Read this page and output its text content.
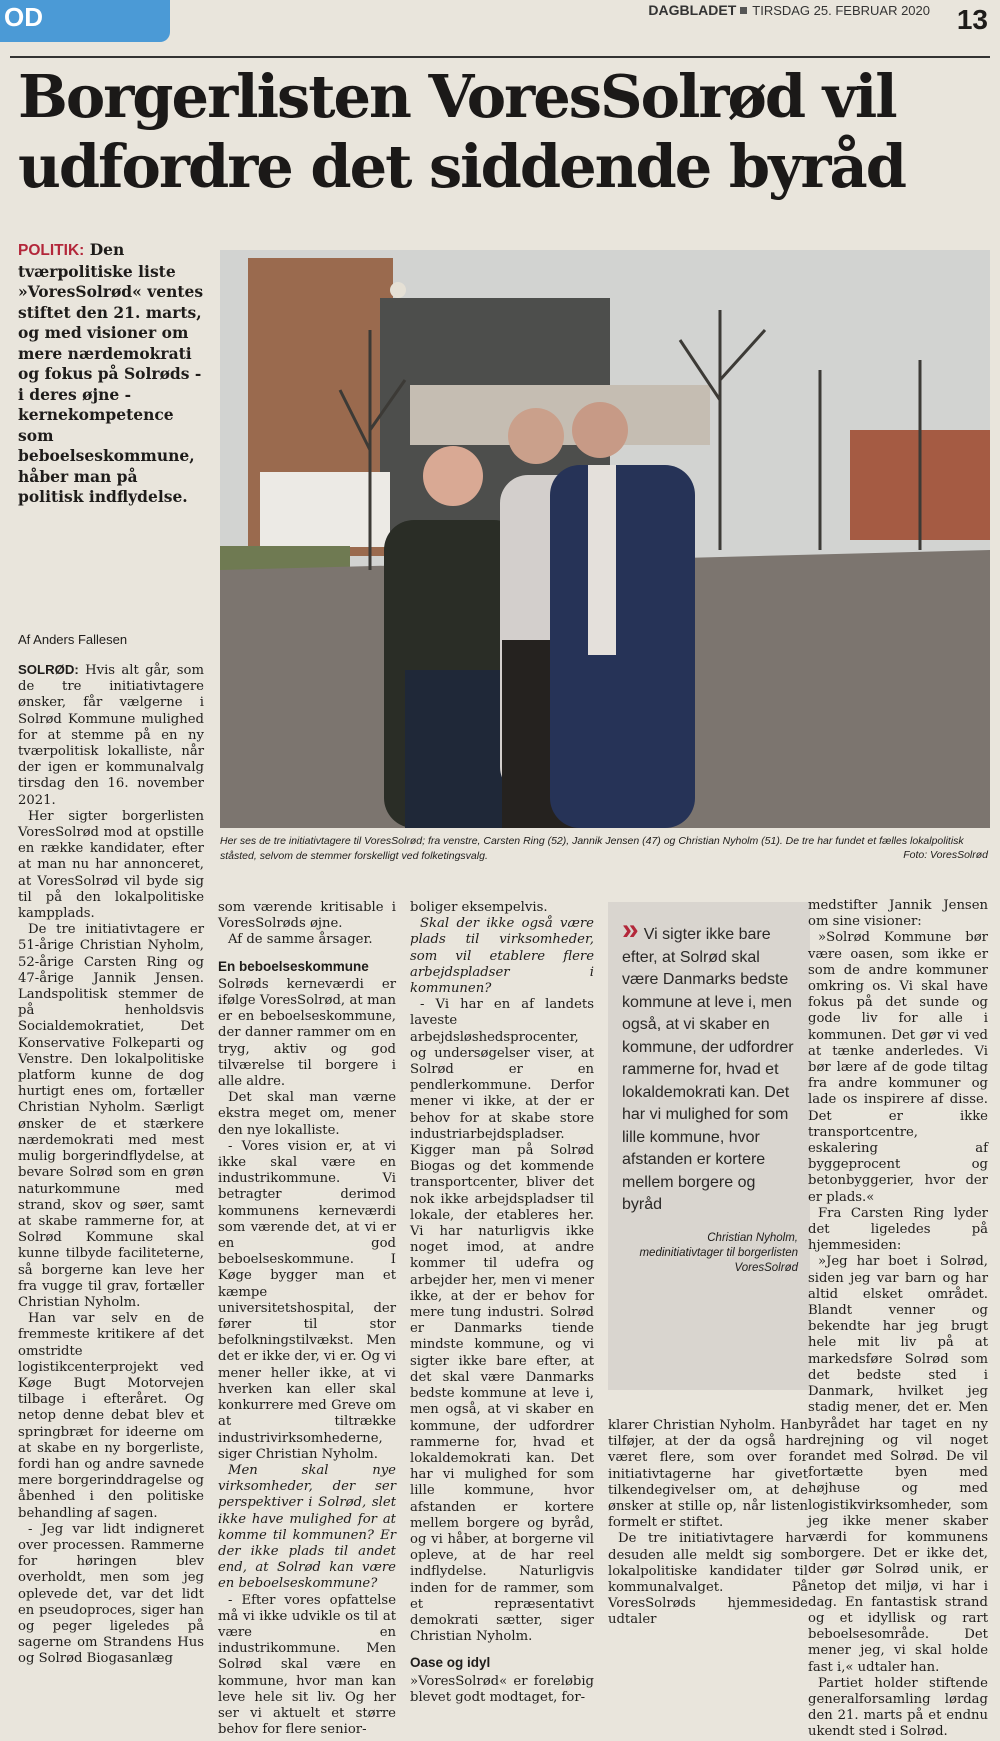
OD	DAGBLADET TIRSDAG 25. FEBRUAR 2020 13
Borgerlisten VoresSolrød vil udfordre det siddende byråd
POLITIK: Den tværpolitiske liste »VoresSolrød« ventes stiftet den 21. marts, og med visioner om mere nærdemokrati og fokus på Solrøds - i deres øjne - kernekompetence som beboelseskommune, håber man på politisk indflydelse.
Af Anders Fallesen
Her ses de tre initiativtagere til VoresSolrød; fra venstre, Carsten Ring (52), Jannik Jensen (47) og Christian Nyholm (51). De tre har fundet et fælles lokalpolitisk ståsted, selvom de stemmer forskelligt ved folketingsvalg.	Foto: VoresSolrød

SOLRØD: Hvis alt går, som de tre initiativtagere ønsker, får vælgerne i Solrød Kommune mulighed for at stemme på en ny tværpolitisk lokalliste, når der igen er kommunalvalg tirsdag den 16. november 2021.

Her sigter borgerlisten VoresSolrød mod at opstille en række kandidater, efter at man nu har annonceret, at VoresSolrød vil byde sig til på den lokalpolitiske kampplads.

De tre initiativtagere er 51-årige Christian Nyholm, 52-årige Carsten Ring og 47-årige Jannik Jensen. Landspolitisk stemmer de på henholdsvis Socialdemokratiet, Det Konservative Folkeparti og Venstre. Den lokalpolitiske platform kunne de dog hurtigt enes om, fortæller Christian Nyholm. Særligt ønsker de et stærkere nærdemokrati med mest mulig borgerindflydelse, at bevare Solrød som en grøn naturkommune med strand, skov og søer, samt at skabe rammerne for, at Solrød Kommune skal kunne tilbyde faciliteterne, så borgerne kan leve her fra vugge til grav, fortæller Christian Nyholm.

Han var selv en de fremmeste kritikere af det omstridte logistikcenterprojekt ved Køge Bugt Motorvejen tilbage i efteråret. Og netop denne debat blev et springbræt for ideerne om at skabe en ny borgerliste, fordi han og andre savnede mere borgerinddragelse og åbenhed i den politiske behandling af sagen.

- Jeg var lidt indigneret over processen. Rammerne for høringen blev overholdt, men som jeg oplevede det, var det lidt en pseudoproces, siger han og peger ligeledes på sagerne om Strandens Hus og Solrød Biogasanlæg

som værende kritisable i VoresSolrøds øjne.

Af de samme årsager.

En beboelseskommune

Solrøds kerneværdi er ifølge VoresSolrød, at man er en beboelseskommune, der danner rammer om en tryg, aktiv og god tilværelse til borgere i alle aldre.

Det skal man værne ekstra meget om, mener den nye lokalliste.

- Vores vision er, at vi ikke skal være en industrikommune. Vi betragter derimod kommunens kerneværdi som værende det, at vi er en god beboelseskommune. I Køge bygger man et kæmpe universitetshospital, der fører til stor befolkningstilvækst. Men det er ikke der, vi er. Og vi mener heller ikke, at vi hverken kan eller skal konkurrere med Greve om at tiltrække industrivirksomhederne, siger Christian Nyholm.

Men skal nye virksomheder, der ser perspektiver i Solrød, slet ikke have mulighed for at komme til kommunen? Er der ikke plads til andet end, at Solrød kan være en beboelseskommune?

- Efter vores opfattelse må vi ikke udvikle os til at være en industrikommune. Men Solrød skal være en kommune, hvor man kan leve hele sit liv. Og her ser vi aktuelt et større behov for flere senior-

boliger eksempelvis.

Skal der ikke også være plads til virksomheder, som vil etablere flere arbejdspladser i kommunen?

- Vi har en af landets laveste arbejdsløshedsprocenter, og undersøgelser viser, at Solrød er en pendlerkommune. Derfor mener vi ikke, at der er behov for at skabe store industriarbejdspladser. Kigger man på Solrød Biogas og det kommende transportcenter, bliver det nok ikke arbejdspladser til lokale, der etableres her. Vi har naturligvis ikke noget imod, at andre kommer til udefra og arbejder her, men vi mener ikke, at der er behov for mere tung industri. Solrød er Danmarks tiende mindste kommune, og vi sigter ikke bare efter, at det skal være Danmarks bedste kommune at leve i, men også, at vi skaber en kommune, der udfordrer rammerne for, hvad et lokaldemokrati kan. Det har vi mulighed for som lille kommune, hvor afstanden er kortere mellem borgere og byråd, og vi håber, at borgerne vil opleve, at de har reel indflydelse. Naturligvis inden for de rammer, som et repræsentativt demokrati sætter, siger Christian Nyholm.

Oase og idyl

»VoresSolrød« er foreløbig blevet godt modtaget, for-

» Vi sigter ikke bare efter, at Solrød skal være Danmarks bedste kommune at leve i, men også, at vi skaber en kommune, der udfordrer rammerne for, hvad et lokaldemokrati kan. Det har vi mulighed for som lille kommune, hvor afstanden er kortere mellem borgere og byråd
Christian Nyholm, medinitiativtager til borgerlisten VoresSolrød

klarer Christian Nyholm. Han tilføjer, at der da også har været flere, som over for initiativtagerne har givet tilkendegivelser om, at de ønsker at stille op, når listen formelt er stiftet.

De tre initiativtagere har desuden alle meldt sig som lokalpolitiske kandidater til kommunalvalget. På VoresSolrøds hjemmeside udtaler

medstifter Jannik Jensen om sine visioner:

»Solrød Kommune bør være oasen, som ikke er som de andre kommuner omkring os. Vi skal have fokus på det sunde og gode liv for alle i kommunen. Det gør vi ved at tænke anderledes. Vi bør lære af de gode tiltag fra andre kommuner og lade os inspirere af disse. Det er ikke transportcentre, eskalering af byggeprocent og betonbyggerier, hvor der er plads.«

Fra Carsten Ring lyder det ligeledes på hjemmesiden:

»Jeg har boet i Solrød, siden jeg var barn og har altid elsket området. Blandt venner og bekendte har jeg brugt hele mit liv på at markedsføre Solrød som det bedste sted i Danmark, hvilket jeg stadig mener, det er. Men byrådet har taget en ny drejning og vil noget andet med Solrød. De vil fortætte byen med højhuse og med logistikvirksomheder, som jeg ikke mener skaber værdi for kommunens borgere. Det er ikke det, der gør Solrød unik, er netop det miljø, vi har i dag. En fantastisk strand og et idyllisk og rart beboelsesområde. Det mener jeg, vi skal holde fast i,« udtaler han.

Partiet holder stiftende generalforsamling lørdag den 21. marts på et endnu ukendt sted i Solrød.
